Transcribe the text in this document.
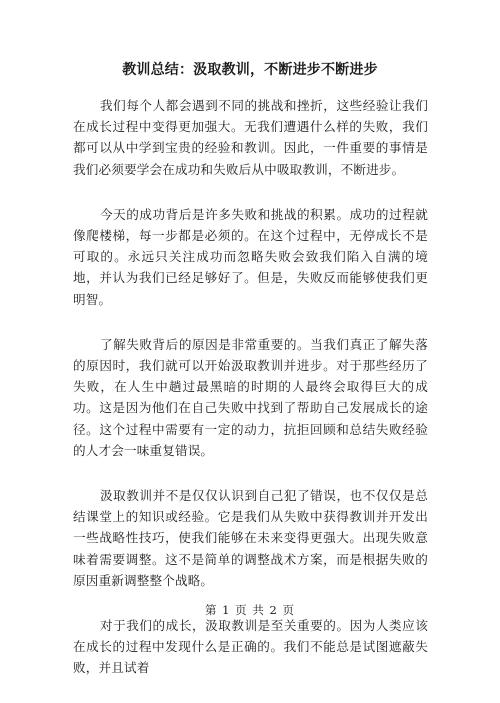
教训总结：汲取教训，不断进步不断进步

我们每个人都会遇到不同的挑战和挫折，这些经验让我们在成长过程中变得更加强大。无我们遭遇什么样的失败，我们都可以从中学到宝贵的经验和教训。因此，一件重要的事情是我们必须要学会在成功和失败后从中吸取教训，不断进步。

今天的成功背后是许多失败和挑战的积累。成功的过程就像爬楼梯，每一步都是必须的。在这个过程中，无停成长不是可取的。永远只关注成功而忽略失败会致我们陷入自满的境地，并认为我们已经足够好了。但是，失败反而能够使我们更明智。

了解失败背后的原因是非常重要的。当我们真正了解失落的原因时，我们就可以开始汲取教训并进步。对于那些经历了失败，在人生中趟过最黑暗的时期的人最终会取得巨大的成功。这是因为他们在自己失败中找到了帮助自己发展成长的途径。这个过程中需要有一定的动力，抗拒回顾和总结失败经验的人才会一味重复错误。

汲取教训并不是仅仅认识到自己犯了错误，也不仅仅是总结课堂上的知识或经验。它是我们从失败中获得教训并开发出一些战略性技巧，使我们能够在未来变得更强大。出现失败意味着需要调整。这不是简单的调整战术方案，而是根据失败的原因重新调整整个战略。

对于我们的成长，汲取教训是至关重要的。因为人类应该在成长的过程中发现什么是正确的。我们不能总是试图遮蔽失败，并且试着

第 1 页 共 2 页
